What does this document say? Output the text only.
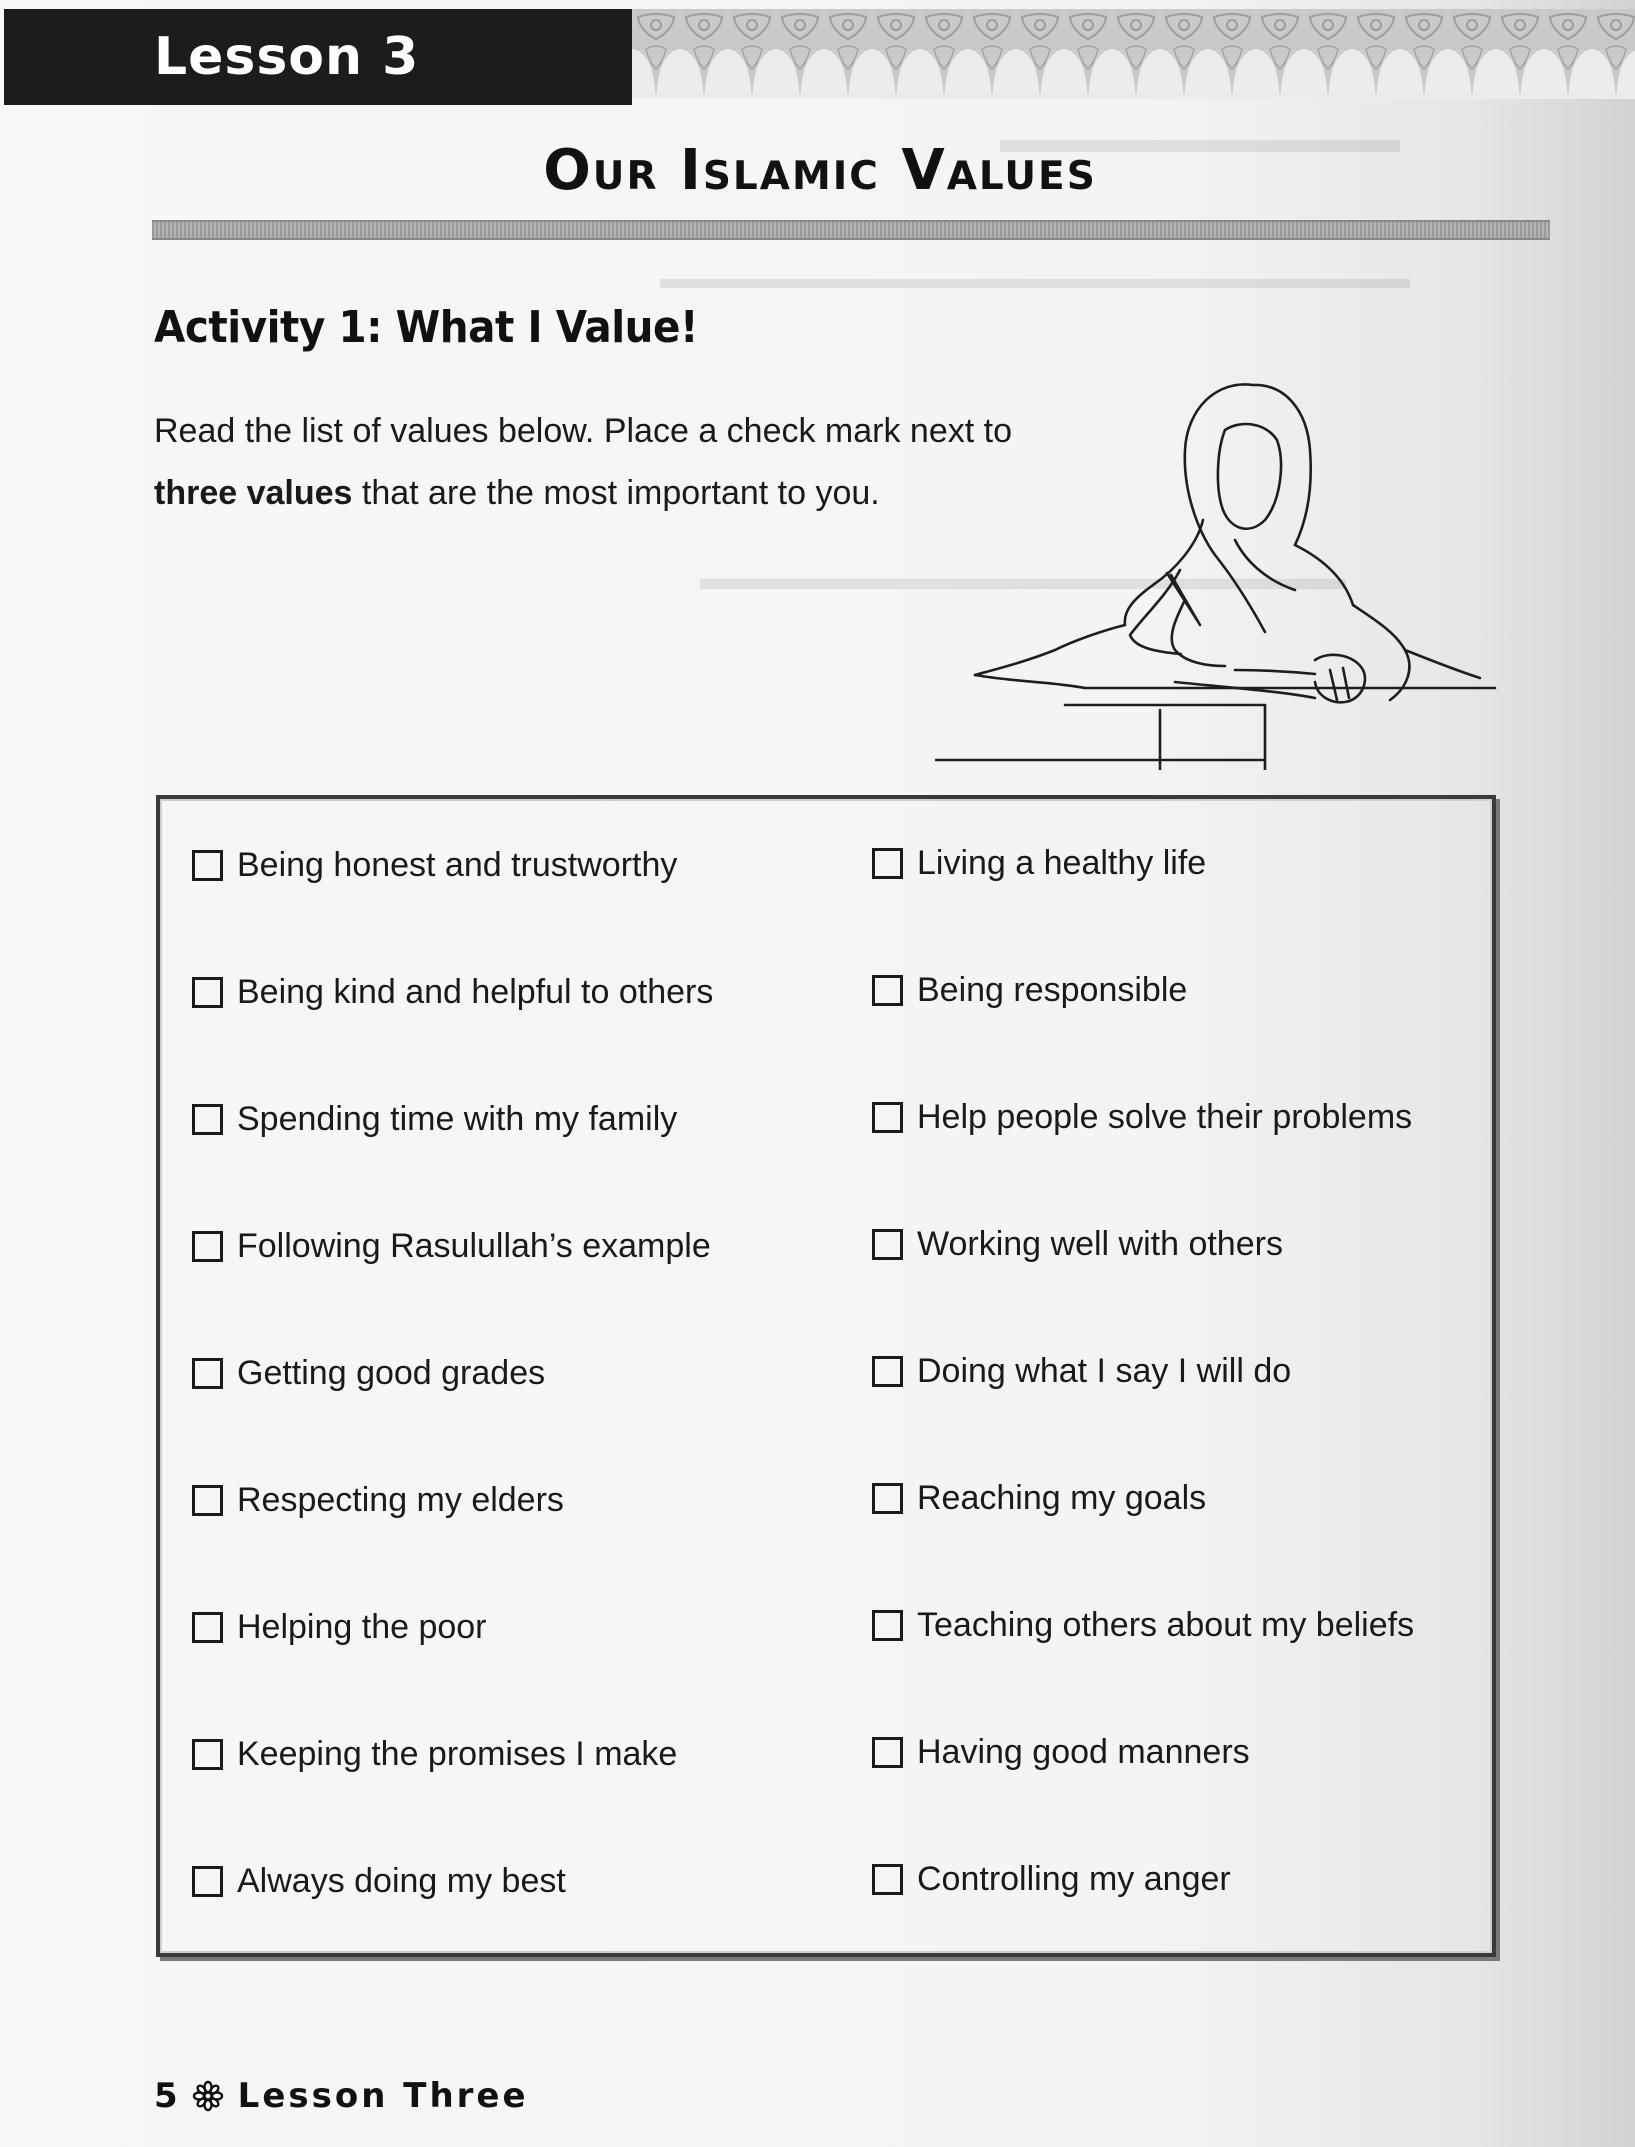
▬▬▬▬▬▬▬▬▬▬
▬▬▬▬▬▬▬▬▬▬▬▬▬▬▬▬▬▬▬▬▬▬▬▬▬
▬▬▬▬▬▬▬▬▬▬▬▬▬▬▬▬▬▬▬
Lesson 3
Our Islamic Values
Activity 1: What I Value!
Read the list of values below. Place a check mark next to
three values that are the most important to you.
Being honest and trustworthy
Being kind and helpful to others
Spending time with my family
Following Rasulullah’s example
Getting good grades
Respecting my elders
Helping the poor
Keeping the promises I make
Always doing my best
Living a healthy life
Being responsible
Help people solve their problems
Working well with others
Doing what I say I will do
Reaching my goals
Teaching others about my beliefs
Having good manners
Controlling my anger
5 Lesson Three
